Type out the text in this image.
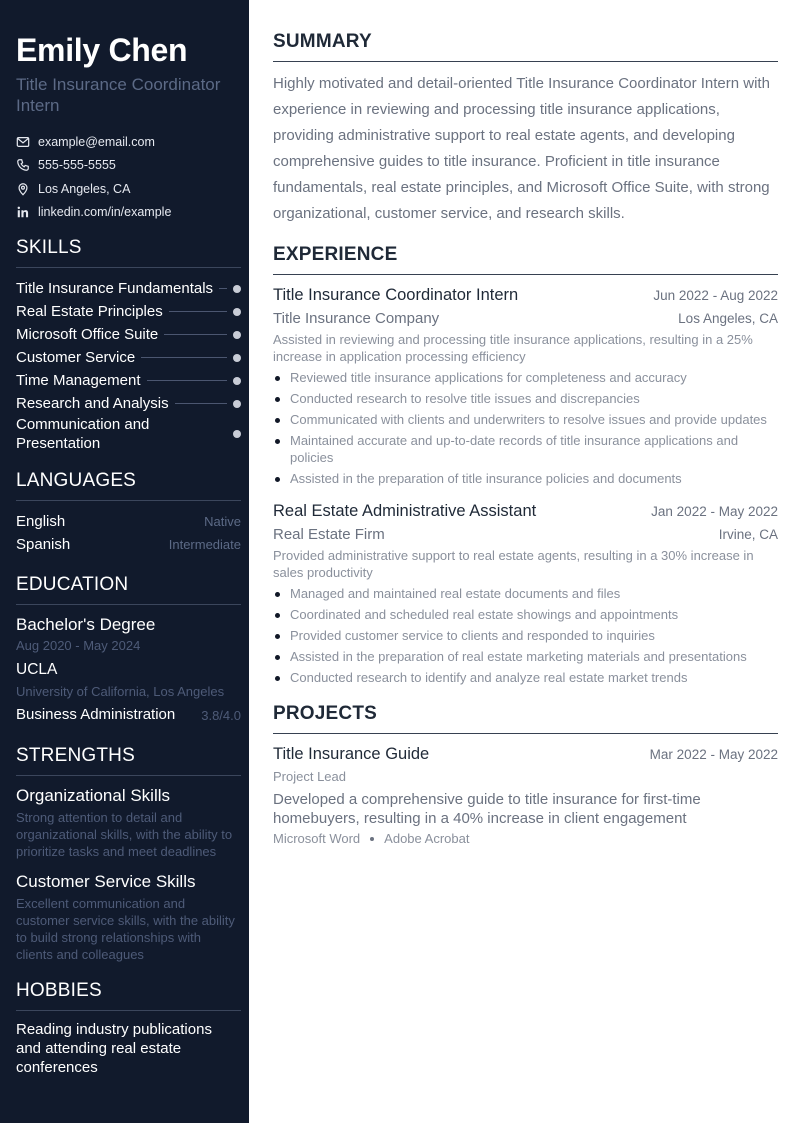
Emily Chen
Title Insurance Coordinator Intern
example@email.com
555-555-5555
Los Angeles, CA
linkedin.com/in/example
SKILLS
Title Insurance Fundamentals
Real Estate Principles
Microsoft Office Suite
Customer Service
Time Management
Research and Analysis
Communication and Presentation
LANGUAGES
English	Native
Spanish	Intermediate
EDUCATION
Bachelor's Degree
Aug 2020 - May 2024
UCLA
University of California, Los Angeles
Business Administration 3.8/4.0
STRENGTHS
Organizational Skills
Strong attention to detail and organizational skills, with the ability to prioritize tasks and meet deadlines
Customer Service Skills
Excellent communication and customer service skills, with the ability to build strong relationships with clients and colleagues
HOBBIES
Reading industry publications and attending real estate conferences
SUMMARY

Highly motivated and detail-oriented Title Insurance Coordinator Intern with experience in reviewing and processing title insurance applications, providing administrative support to real estate agents, and developing comprehensive guides to title insurance. Proficient in title insurance fundamentals, real estate principles, and Microsoft Office Suite, with strong organizational, customer service, and research skills.

EXPERIENCE
Title Insurance Coordinator Intern	Jun 2022 - Aug 2022
Title Insurance Company	Los Angeles, CA
Assisted in reviewing and processing title insurance applications, resulting in a 25% increase in application processing efficiency
Reviewed title insurance applications for completeness and accuracy
Conducted research to resolve title issues and discrepancies
Communicated with clients and underwriters to resolve issues and provide updates
Maintained accurate and up-to-date records of title insurance applications and policies
Assisted in the preparation of title insurance policies and documents
Real Estate Administrative Assistant	Jan 2022 - May 2022
Real Estate Firm	Irvine, CA
Provided administrative support to real estate agents, resulting in a 30% increase in sales productivity
Managed and maintained real estate documents and files
Coordinated and scheduled real estate showings and appointments
Provided customer service to clients and responded to inquiries
Assisted in the preparation of real estate marketing materials and presentations
Conducted research to identify and analyze real estate market trends
PROJECTS
Title Insurance Guide	Mar 2022 - May 2022
Project Lead
Developed a comprehensive guide to title insurance for first-time homebuyers, resulting in a 40% increase in client engagement
Microsoft Word Adobe Acrobat
